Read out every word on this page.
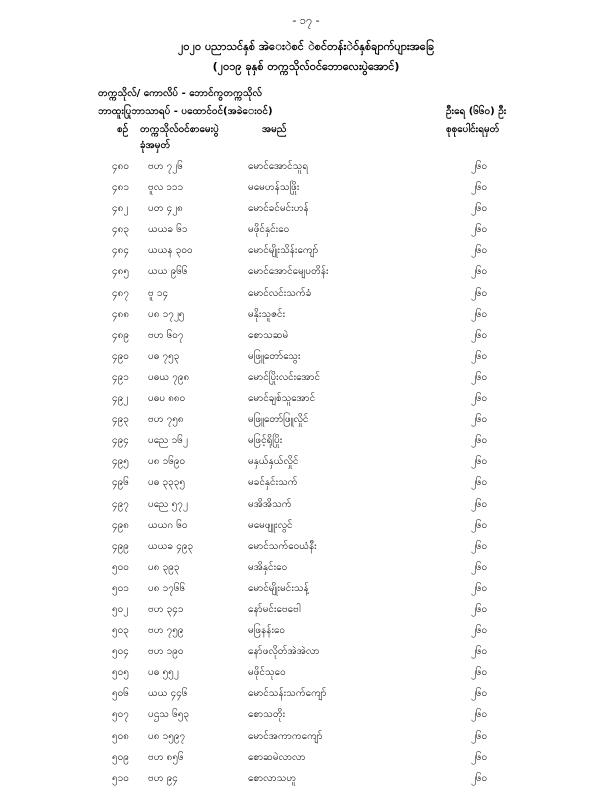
- ၁၇ -
၂၀၂၀ ပညာသင်နှစ် အဲေးဲစင် ဲစင်တန်းဲဝ်နှစ်ချာက်ပျားအခြေ
(၂၀၁၉ ခုနှစ် တက္ကသိုလ်ဝင်ဘောလေးပွဲအောင်)
တက္ကသိုလ်/ ကောလိပ် - ဘောင်ကွတက္ကသိုလ်
ဘာထူးပြုဘာသာရပ် - ပထောင်ဝင်(အခဲေးဝင်)	ဦးရေ (၆၆၀) ဦး
စဉ် တက္ကသိုလ်ဝင်စာမေးပွဲ
ခုံအမှတ်
အမည်	စုစုပေါင်းရမှတ်
၄၈၀ ဗဟ ၇၂၆	မောင်အောင်သူရ	၂၆၀
၄၈၁ ဗူလ ၁၁၁	မမေဟန်သဖြိုး	၂၆၀
၄၈၂ ပတ ၄၂၈	မောင်ခင်မင်းဟန်	၂၆၀
၄၈၃ ယယခ ၆၁	မဖိုင်နှင်းဝေ	၂၆၀
၄၈၄ ယယန ၃၀၀	မောင်မျိုးသိန်းကျော်	၂၆၀
၄၈၅ ယယ ၉၆၆	မောင်အောင်မျေပတိန်း	၂၆၀
၄၈၇ ဗူ ၁၄	မောင်လင်းသက်ခံ	၂၆၀
၄၈၈ ပ၈ ၁၇၂၅	မနိုးသူဇင်း	၂၆၀
၄၈၉ ဗဟ ၆၀၇	စောသဆမဲ	၂၆၀
၄၉၀ ပဓ ၇၅၃	မဖြူတော်သွေး	၂၆၀
၄၉၁ ပဓယ ၇၉၈	မောင်ပြိုးလင်းအောင်	၂၆၀
၄၉၂ ပဓပ ၈၈၀	မောင်ချစ်သူအောင်	၂၆၀
၄၉၃ ဗဟ ၇၅၈	မဖြူတော်ဖြူလှိုင်	၂၆၀
၄၉၄ ပညေ ၁၆၂	မဖြင့်ရိုပြိုး	၂၆၀
၄၉၅ ပ၈ ၁၆၉၀	မနှယ်နှယ်လှိုင်	၂၆၀
၄၉၆ ပဓ ၃၃၃၅	မခင်နှင်းသက်	၂၆၀
၄၉၇ ပညေ ၅၇၂	မအိအိသက်	၂၆၀
၄၉၈ ယယဂ ၆၀	မမေဖျူးလွင်	၂၆၀
၄၉၉ ယယခ ၄၉၃	မောင်သက်ဝေယံနီး	၂၆၀
၅၀၀ ပ၈ ၃၉၃	မအိနှင်းဝေ	၂၆၀
၅၀၁ ပ၈ ၁၇၆၆	မောင်မျိုးမင်းသန့်	၂၆၀
၅၀၂ ဗဟ ၃၄၁	နော်မင်းဗေဗေါ	၂၆၀
၅၀၃ ဗဟ ၇၅၉	မဖြနန်းဝေ	၂၆၀
၅၀၄ ဗဟ ၁၉၀	နော်ဖလိုတ်အဲအဲလာ	၂၆၀
၅၀၅ ပဓ ၅၅၂	မဖိုင်သုဝေ	၂၆၀
၅၀၆ ယယ ၄၄၆	မောင်သန်းသက်ကျော်	၂၆၀
၅၀၇ ပဌသ ၆၅၃	စောသတိုး	၂၆၀
၅၀၈ ပ၈ ၁၅၉၇	မောင်အကာကကျော်	၂၆၀
၅၀၉ ဗဟ ၈၅၆	စောဆမဲလာလာ	၂၆၀
၅၁၀ ဗဟ ၉၄	စောလာသဟူ	၂၆၀
